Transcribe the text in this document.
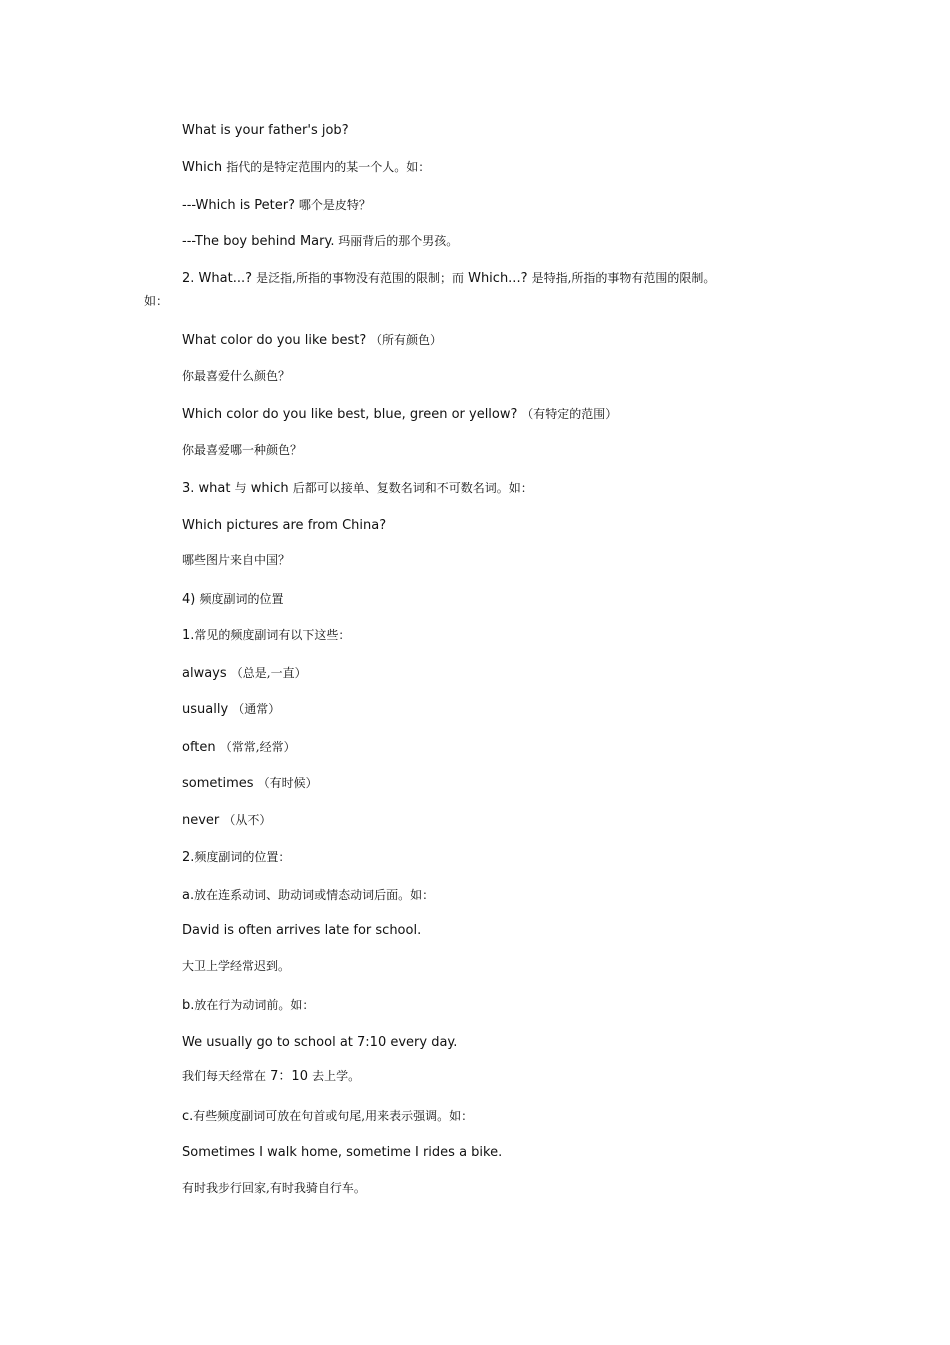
What is your father's job?
Which 指代的是特定范围内的某一个人。如：
---Which is Peter? 哪个是皮特？
---The boy behind Mary. 玛丽背后的那个男孩。
2. What...? 是泛指,所指的事物没有范围的限制；而 Which...? 是特指,所指的事物有范围的限制。
如：
What color do you like best? （所有颜色）
你最喜爱什么颜色？
Which color do you like best, blue, green or yellow? （有特定的范围）
你最喜爱哪一种颜色？
3. what 与 which 后都可以接单、复数名词和不可数名词。如：
Which pictures are from China?
哪些图片来自中国？
4) 频度副词的位置
1.常见的频度副词有以下这些：
always （总是,一直）
usually （通常）
often （常常,经常）
sometimes （有时候）
never （从不）
2.频度副词的位置：
a.放在连系动词、助动词或情态动词后面。如：
David is often arrives late for school.
大卫上学经常迟到。
b.放在行为动词前。如：
We usually go to school at 7:10 every day.
我们每天经常在 7：10 去上学。
c.有些频度副词可放在句首或句尾,用来表示强调。如：
Sometimes I walk home, sometime I rides a bike.
有时我步行回家,有时我骑自行车。
